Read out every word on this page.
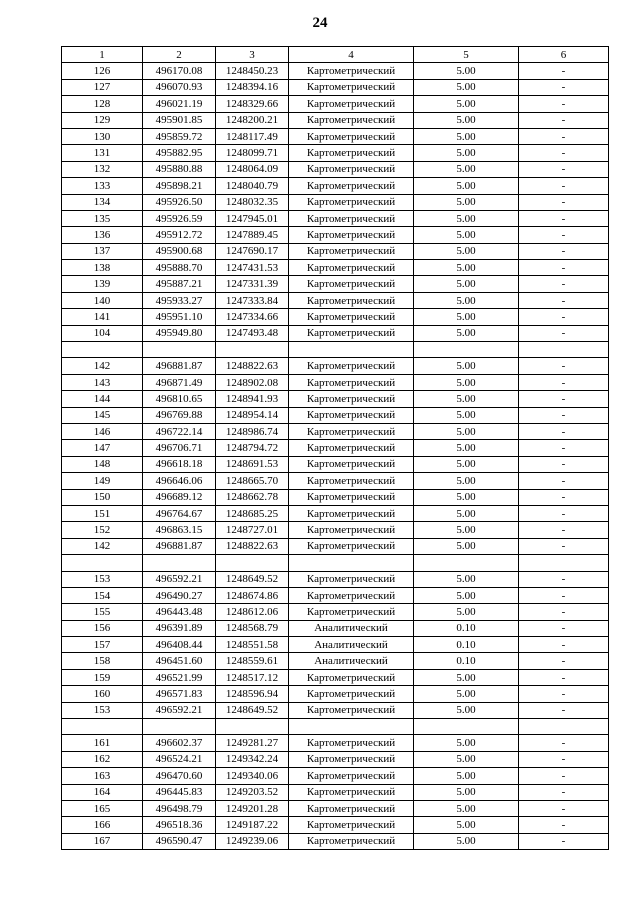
24
1	2	3	4	5	6
126	496170.08	1248450.23	Картометрический	5.00	-
127	496070.93	1248394.16	Картометрический	5.00	-
128	496021.19	1248329.66	Картометрический	5.00	-
129	495901.85	1248200.21	Картометрический	5.00	-
130	495859.72	1248117.49	Картометрический	5.00	-
131	495882.95	1248099.71	Картометрический	5.00	-
132	495880.88	1248064.09	Картометрический	5.00	-
133	495898.21	1248040.79	Картометрический	5.00	-
134	495926.50	1248032.35	Картометрический	5.00	-
135	495926.59	1247945.01	Картометрический	5.00	-
136	495912.72	1247889.45	Картометрический	5.00	-
137	495900.68	1247690.17	Картометрический	5.00	-
138	495888.70	1247431.53	Картометрический	5.00	-
139	495887.21	1247331.39	Картометрический	5.00	-
140	495933.27	1247333.84	Картометрический	5.00	-
141	495951.10	1247334.66	Картометрический	5.00	-
104	495949.80	1247493.48	Картометрический	5.00	-

142	496881.87	1248822.63	Картометрический	5.00	-
143	496871.49	1248902.08	Картометрический	5.00	-
144	496810.65	1248941.93	Картометрический	5.00	-
145	496769.88	1248954.14	Картометрический	5.00	-
146	496722.14	1248986.74	Картометрический	5.00	-
147	496706.71	1248794.72	Картометрический	5.00	-
148	496618.18	1248691.53	Картометрический	5.00	-
149	496646.06	1248665.70	Картометрический	5.00	-
150	496689.12	1248662.78	Картометрический	5.00	-
151	496764.67	1248685.25	Картометрический	5.00	-
152	496863.15	1248727.01	Картометрический	5.00	-
142	496881.87	1248822.63	Картометрический	5.00	-

153	496592.21	1248649.52	Картометрический	5.00	-
154	496490.27	1248674.86	Картометрический	5.00	-
155	496443.48	1248612.06	Картометрический	5.00	-
156	496391.89	1248568.79	Аналитический	0.10	-
157	496408.44	1248551.58	Аналитический	0.10	-
158	496451.60	1248559.61	Аналитический	0.10	-
159	496521.99	1248517.12	Картометрический	5.00	-
160	496571.83	1248596.94	Картометрический	5.00	-
153	496592.21	1248649.52	Картометрический	5.00	-

161	496602.37	1249281.27	Картометрический	5.00	-
162	496524.21	1249342.24	Картометрический	5.00	-
163	496470.60	1249340.06	Картометрический	5.00	-
164	496445.83	1249203.52	Картометрический	5.00	-
165	496498.79	1249201.28	Картометрический	5.00	-
166	496518.36	1249187.22	Картометрический	5.00	-
167	496590.47	1249239.06	Картометрический	5.00	-
